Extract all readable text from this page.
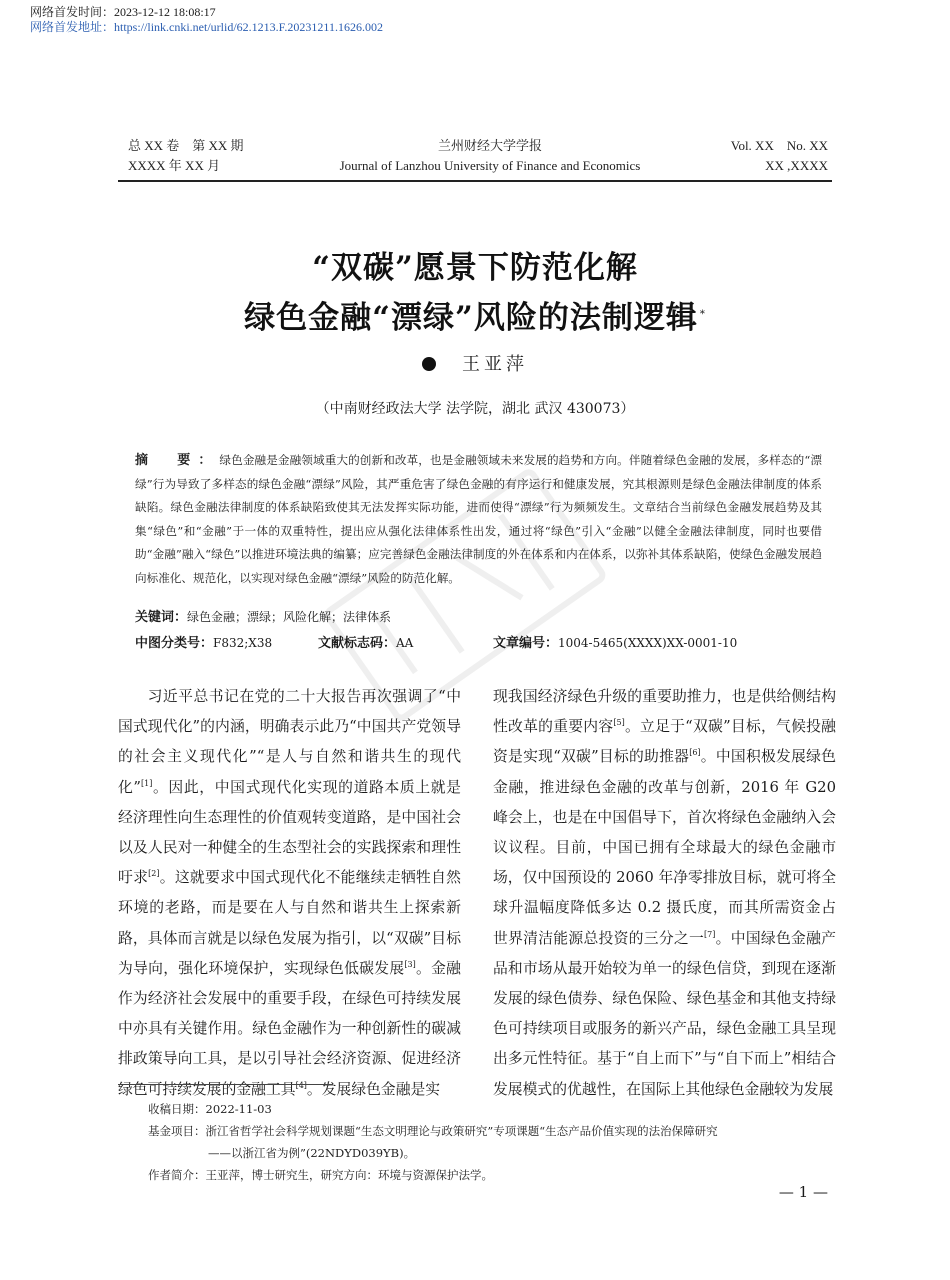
网络首发时间：2023-12-12 18:08:17
网络首发地址：https://link.cnki.net/urlid/62.1213.F.20231211.1626.002
总 XX 卷　第 XX 期
XXXX 年 XX 月
兰州财经大学学报
Journal of Lanzhou University of Finance and Economics
Vol. XX　No. XX
XX ,XXXX
“双碳”愿景下防范化解
绿色金融“漂绿”风险的法制逻辑 *
王亚萍
（中南财经政法大学 法学院，湖北 武汉 430073）
摘　要：绿色金融是金融领域重大的创新和改革，也是金融领域未来发展的趋势和方向。伴随着绿色金融的发展，多样态的“漂绿”行为导致了多样态的绿色金融“漂绿”风险，其严重危害了绿色金融的有序运行和健康发展，究其根源则是绿色金融法律制度的体系缺陷。绿色金融法律制度的体系缺陷致使其无法发挥实际功能，进而使得“漂绿”行为频频发生。文章结合当前绿色金融发展趋势及其集“绿色”和“金融”于一体的双重特性，提出应从强化法律体系性出发，通过将“绿色”引入“金融”以健全金融法律制度，同时也要借助“金融”融入“绿色”以推进环境法典的编纂；应完善绿色金融法律制度的外在体系和内在体系，以弥补其体系缺陷，使绿色金融发展趋向标准化、规范化，以实现对绿色金融“漂绿”风险的防范化解。
关键词：绿色金融；漂绿；风险化解；法律体系
中图分类号：F832;X38	文献标志码：AA	文章编号：1004-5465(XXXX)XX-0001-10
习近平总书记在党的二十大报告再次强调了“中国式现代化”的内涵，明确表示此乃“中国共产党领导的社会主义现代化”“是人与自然和谐共生的现代化”[1]。因此，中国式现代化实现的道路本质上就是经济理性向生态理性的价值观转变道路，是中国社会以及人民对一种健全的生态型社会的实践探索和理性吁求[2]。这就要求中国式现代化不能继续走牺牲自然环境的老路，而是要在人与自然和谐共生上探索新路，具体而言就是以绿色发展为指引，以“双碳”目标为导向，强化环境保护，实现绿色低碳发展[3]。金融作为经济社会发展中的重要手段，在绿色可持续发展中亦具有关键作用。绿色金融作为一种创新性的碳减排政策导向工具，是以引导社会经济资源、促进经济绿色可持续发展的金融工具[4]。发展绿色金融是实
现我国经济绿色升级的重要助推力，也是供给侧结构性改革的重要内容[5]。立足于“双碳”目标，气候投融资是实现“双碳”目标的助推器[6]。中国积极发展绿色金融，推进绿色金融的改革与创新，2016 年 G20 峰会上，也是在中国倡导下，首次将绿色金融纳入会议议程。目前，中国已拥有全球最大的绿色金融市场，仅中国预设的 2060 年净零排放目标，就可将全球升温幅度降低多达 0.2 摄氏度，而其所需资金占世界清洁能源总投资的三分之一[7]。中国绿色金融产品和市场从最开始较为单一的绿色信贷，到现在逐渐发展的绿色债券、绿色保险、绿色基金和其他支持绿色可持续项目或服务的新兴产品，绿色金融工具呈现出多元性特征。基于“自上而下”与“自下而上”相结合发展模式的优越性，在国际上其他绿色金融较为发展
收稿日期：2022-11-03
基金项目：浙江省哲学社会科学规划课题“生态文明理论与政策研究”专项课题“生态产品价值实现的法治保障研究
——以浙江省为例”(22NDYD039YB)。
作者简介：王亚萍，博士研究生，研究方向：环境与资源保护法学。
— 1 —
